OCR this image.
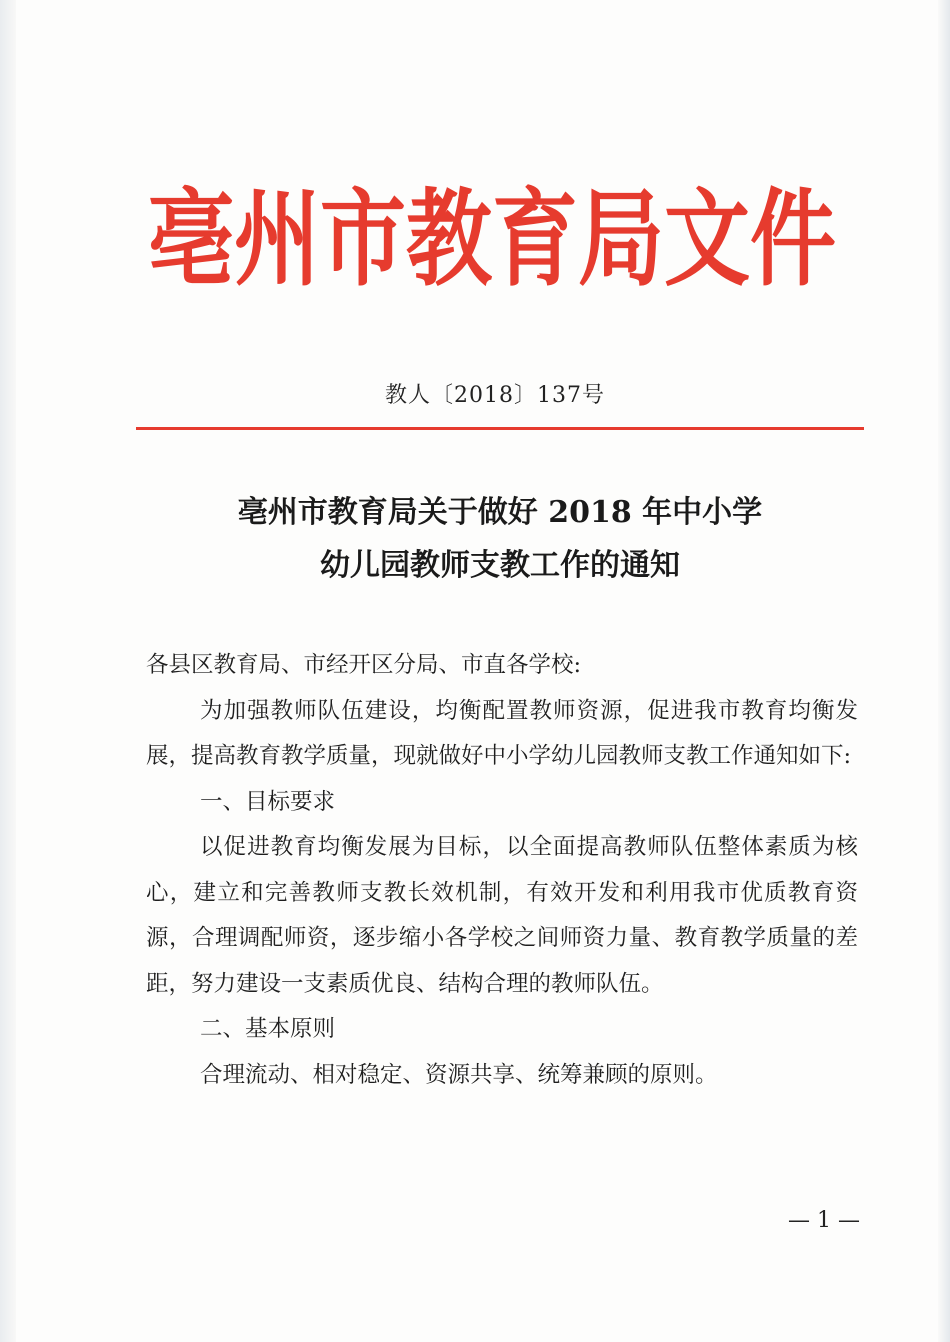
亳州市教育局文件
教人〔2018〕137号
亳州市教育局关于做好 2018 年中小学
幼儿园教师支教工作的通知

各县区教育局、市经开区分局、市直各学校:

为加强教师队伍建设，均衡配置教师资源，促进我市教育均衡发展，提高教育教学质量，现就做好中小学幼儿园教师支教工作通知如下:

一、目标要求

以促进教育均衡发展为目标，以全面提高教师队伍整体素质为核心，建立和完善教师支教长效机制，有效开发和利用我市优质教育资源，合理调配师资，逐步缩小各学校之间师资力量、教育教学质量的差距，努力建设一支素质优良、结构合理的教师队伍。

二、基本原则

合理流动、相对稳定、资源共享、统筹兼顾的原则。

— 1 —
